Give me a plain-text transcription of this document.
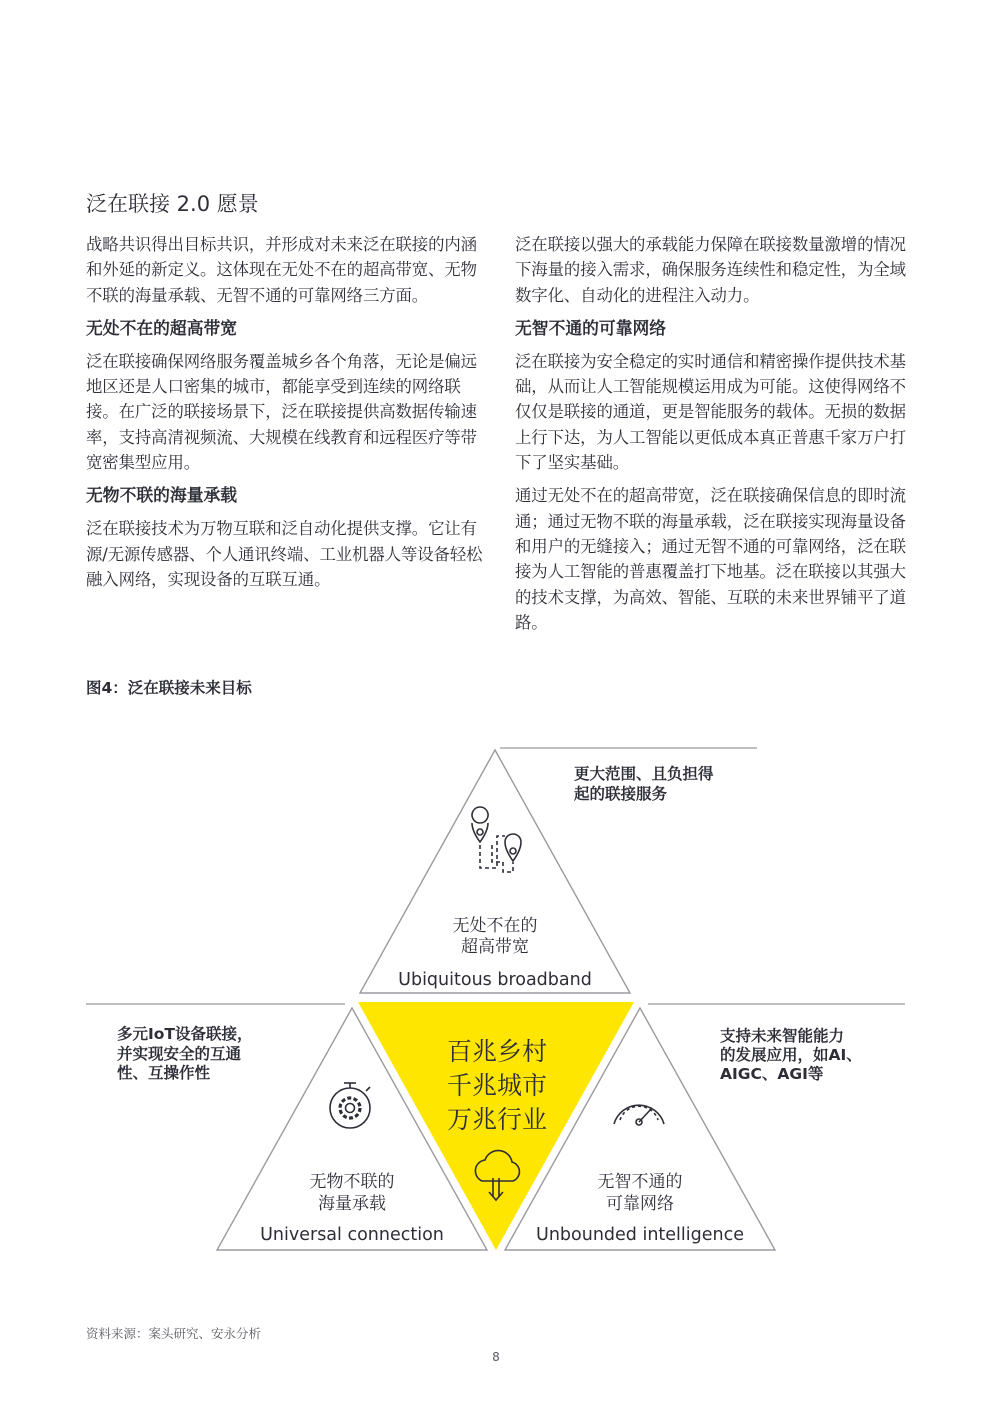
泛在联接 2.0 愿景

战略共识得出目标共识，并形成对未来泛在联接的内涵和外延的新定义。这体现在无处不在的超高带宽、无物不联的海量承载、无智不通的可靠网络三方面。

无处不在的超高带宽

泛在联接确保网络服务覆盖城乡各个角落，无论是偏远地区还是人口密集的城市，都能享受到连续的网络联接。在广泛的联接场景下，泛在联接提供高数据传输速率，支持高清视频流、大规模在线教育和远程医疗等带宽密集型应用。

无物不联的海量承载

泛在联接技术为万物互联和泛自动化提供支撑。它让有源/无源传感器、个人通讯终端、工业机器人等设备轻松融入网络，实现设备的互联互通。

泛在联接以强大的承载能力保障在联接数量激增的情况下海量的接入需求，确保服务连续性和稳定性，为全域数字化、自动化的进程注入动力。

无智不通的可靠网络

泛在联接为安全稳定的实时通信和精密操作提供技术基础，从而让人工智能规模运用成为可能。这使得网络不仅仅是联接的通道，更是智能服务的载体。无损的数据上行下达，为人工智能以更低成本真正普惠千家万户打下了坚实基础。

通过无处不在的超高带宽，泛在联接确保信息的即时流通；通过无物不联的海量承载，泛在联接实现海量设备和用户的无缝接入；通过无智不通的可靠网络，泛在联接为人工智能的普惠覆盖打下地基。泛在联接以其强大的技术支撑，为高效、智能、互联的未来世界铺平了道路。

图4：泛在联接未来目标
无处不在的
超高带宽
Ubiquitous broadband
无物不联的
海量承载
Universal connection
无智不通的
可靠网络
Unbounded intelligence
百兆乡村
千兆城市
万兆行业
更大范围、且负担得
起的联接服务
多元IoT设备联接，
并实现安全的互通
性、互操作性
支持未来智能能力
的发展应用，如AI、
AIGC、AGI等
资料来源：案头研究、安永分析
8
